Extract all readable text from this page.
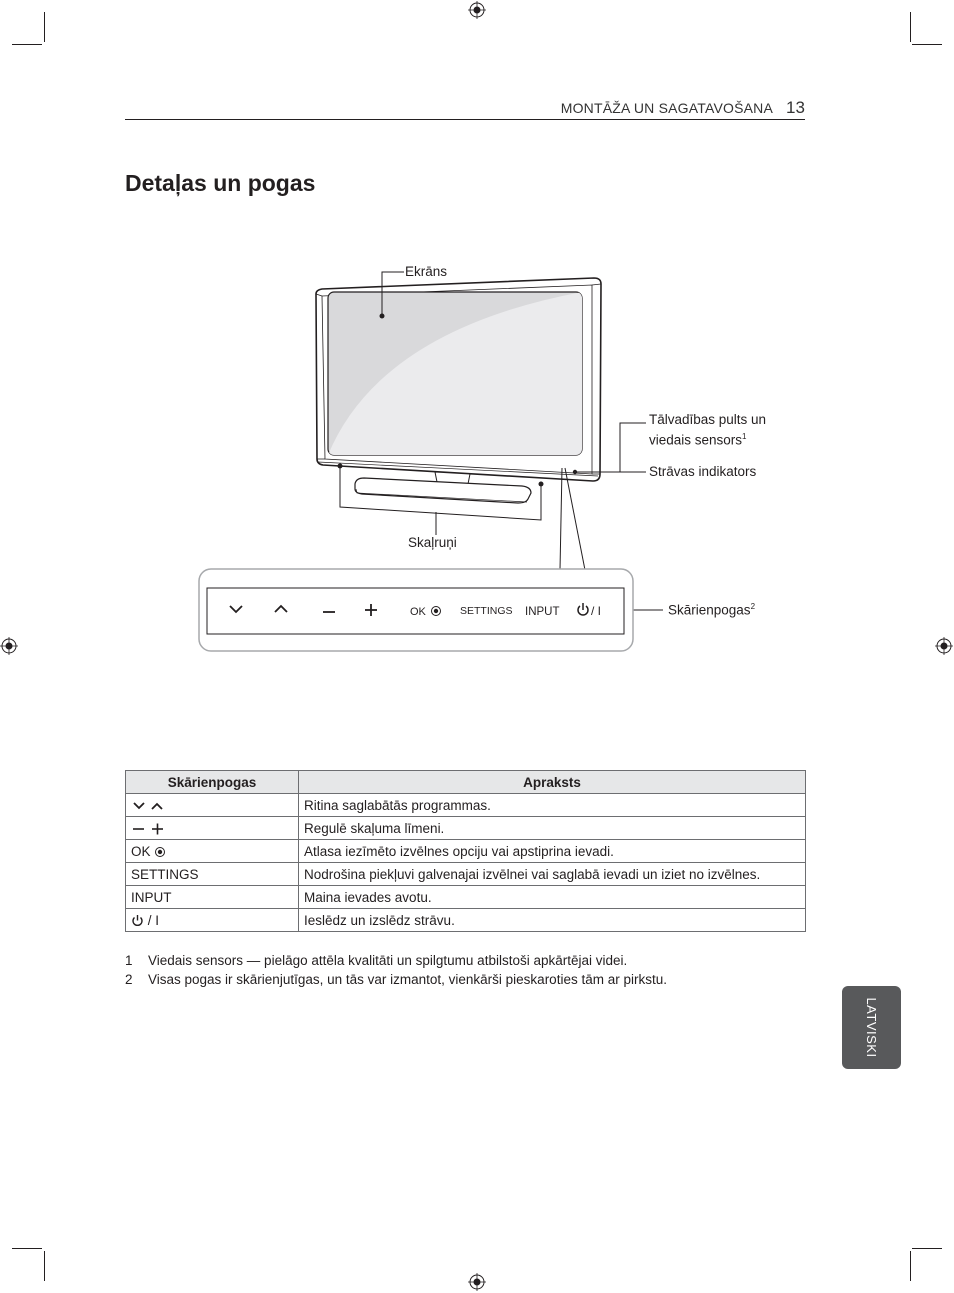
MONTĀŽA UN SAGATAVOŠANA 13
Detaļas un pogas
OK	SETTINGS INPUT	/ I
Ekrāns
Tālvadības pults un
viedais sensors$^1$
Strāvas indikators
Skaļruņi
Skārienpogas$^2$
Skārienpogas	Apraksts
	Ritina saglabātās programmas.
	Regulē skaļuma līmeni.
OK	Atlasa iezīmēto izvēlnes opciju vai apstiprina ievadi.
SETTINGS	Nodrošina piekļuvi galvenajai izvēlnei vai saglabā ievadi un iziet no izvēlnes.
INPUT	Maina ievades avotu.
/ I	Ieslēdz un izslēdz strāvu.
1 Viedais sensors — pielāgo attēla kvalitāti un spilgtumu atbilstoši apkārtējai videi.
2 Visas pogas ir skārienjutīgas, un tās var izmantot, vienkārši pieskaroties tām ar pirkstu.
LATVISKI
